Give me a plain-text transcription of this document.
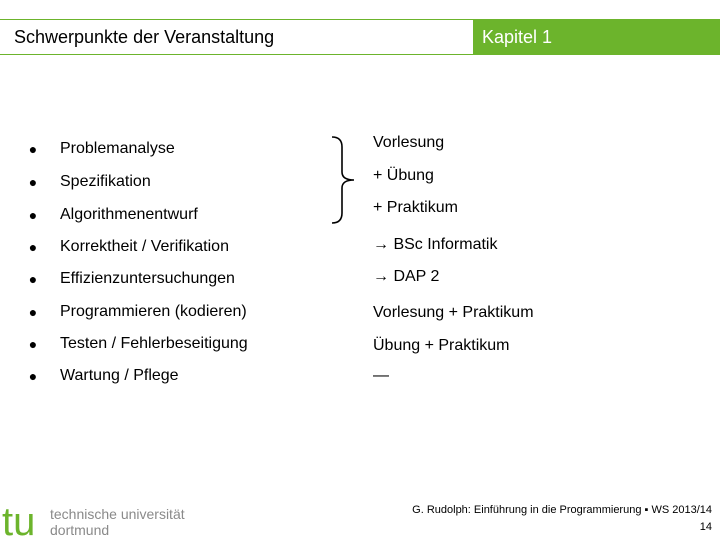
Schwerpunkte der Veranstaltung	Kapitel 1
● Problemanalyse
● Spezifikation
● Algorithmenentwurf
● Korrektheit / Verifikation
● Effizienzuntersuchungen
● Programmieren (kodieren)
● Testen / Fehlerbeseitigung
● Wartung / Pflege
Vorlesung
+ Übung
+ Praktikum
→ BSc Informatik
→ DAP 2
Vorlesung + Praktikum
Übung + Praktikum
—
tu technische universität
dortmund
G. Rudolph: Einführung in die Programmierung ▪ WS 2013/14
14
